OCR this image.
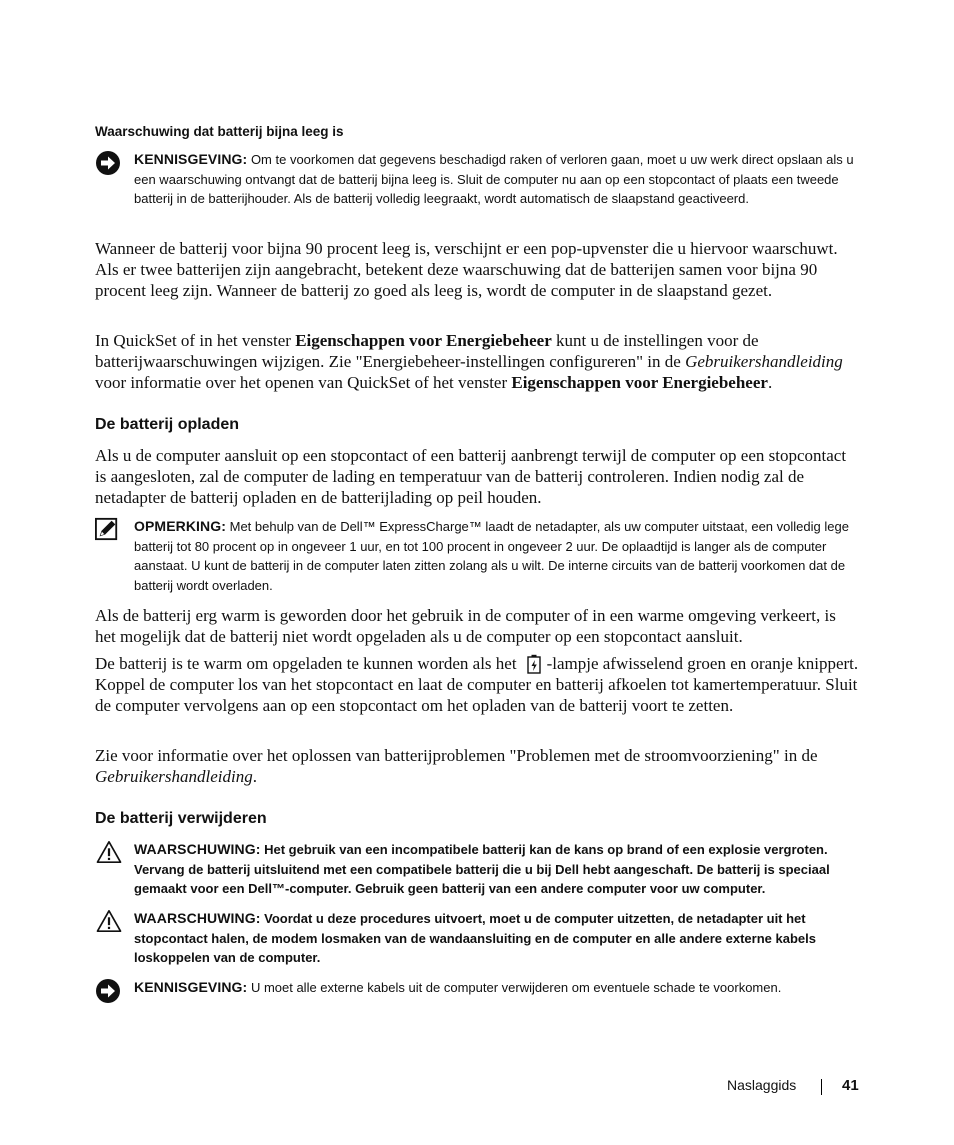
Waarschuwing dat batterij bijna leeg is
KENNISGEVING: Om te voorkomen dat gegevens beschadigd raken of verloren gaan, moet u uw werk direct opslaan als u een waarschuwing ontvangt dat de batterij bijna leeg is. Sluit de computer nu aan op een stopcontact of plaats een tweede batterij in de batterijhouder. Als de batterij volledig leegraakt, wordt automatisch de slaapstand geactiveerd.
Wanneer de batterij voor bijna 90 procent leeg is, verschijnt er een pop-upvenster die u hiervoor waarschuwt. Als er twee batterijen zijn aangebracht, betekent deze waarschuwing dat de batterijen samen voor bijna 90 procent leeg zijn. Wanneer de batterij zo goed als leeg is, wordt de computer in de slaapstand gezet.
In QuickSet of in het venster Eigenschappen voor Energiebeheer kunt u de instellingen voor de batterijwaarschuwingen wijzigen. Zie "Energiebeheer-instellingen configureren" in de Gebruikershandleiding voor informatie over het openen van QuickSet of het venster Eigenschappen voor Energiebeheer.
De batterij opladen
Als u de computer aansluit op een stopcontact of een batterij aanbrengt terwijl de computer op een stopcontact is aangesloten, zal de computer de lading en temperatuur van de batterij controleren. Indien nodig zal de netadapter de batterij opladen en de batterijlading op peil houden.
OPMERKING: Met behulp van de Dell™ ExpressCharge™ laadt de netadapter, als uw computer uitstaat, een volledig lege batterij tot 80 procent op in ongeveer 1 uur, en tot 100 procent in ongeveer 2 uur. De oplaadtijd is langer als de computer aanstaat. U kunt de batterij in de computer laten zitten zolang als u wilt. De interne circuits van de batterij voorkomen dat de batterij wordt overladen.
Als de batterij erg warm is geworden door het gebruik in de computer of in een warme omgeving verkeert, is het mogelijk dat de batterij niet wordt opgeladen als u de computer op een stopcontact aansluit.
De batterij is te warm om opgeladen te kunnen worden als het -lampje afwisselend groen en oranje knippert. Koppel de computer los van het stopcontact en laat de computer en batterij afkoelen tot kamertemperatuur. Sluit de computer vervolgens aan op een stopcontact om het opladen van de batterij voort te zetten.
Zie voor informatie over het oplossen van batterijproblemen "Problemen met de stroomvoorziening" in de Gebruikershandleiding.
De batterij verwijderen
WAARSCHUWING: Het gebruik van een incompatibele batterij kan de kans op brand of een explosie vergroten. Vervang de batterij uitsluitend met een compatibele batterij die u bij Dell hebt aangeschaft. De batterij is speciaal gemaakt voor een Dell™-computer. Gebruik geen batterij van een andere computer voor uw computer.
WAARSCHUWING: Voordat u deze procedures uitvoert, moet u de computer uitzetten, de netadapter uit het stopcontact halen, de modem losmaken van de wandaansluiting en de computer en alle andere externe kabels loskoppelen van de computer.
KENNISGEVING: U moet alle externe kabels uit de computer verwijderen om eventuele schade te voorkomen.
Naslaggids	41
